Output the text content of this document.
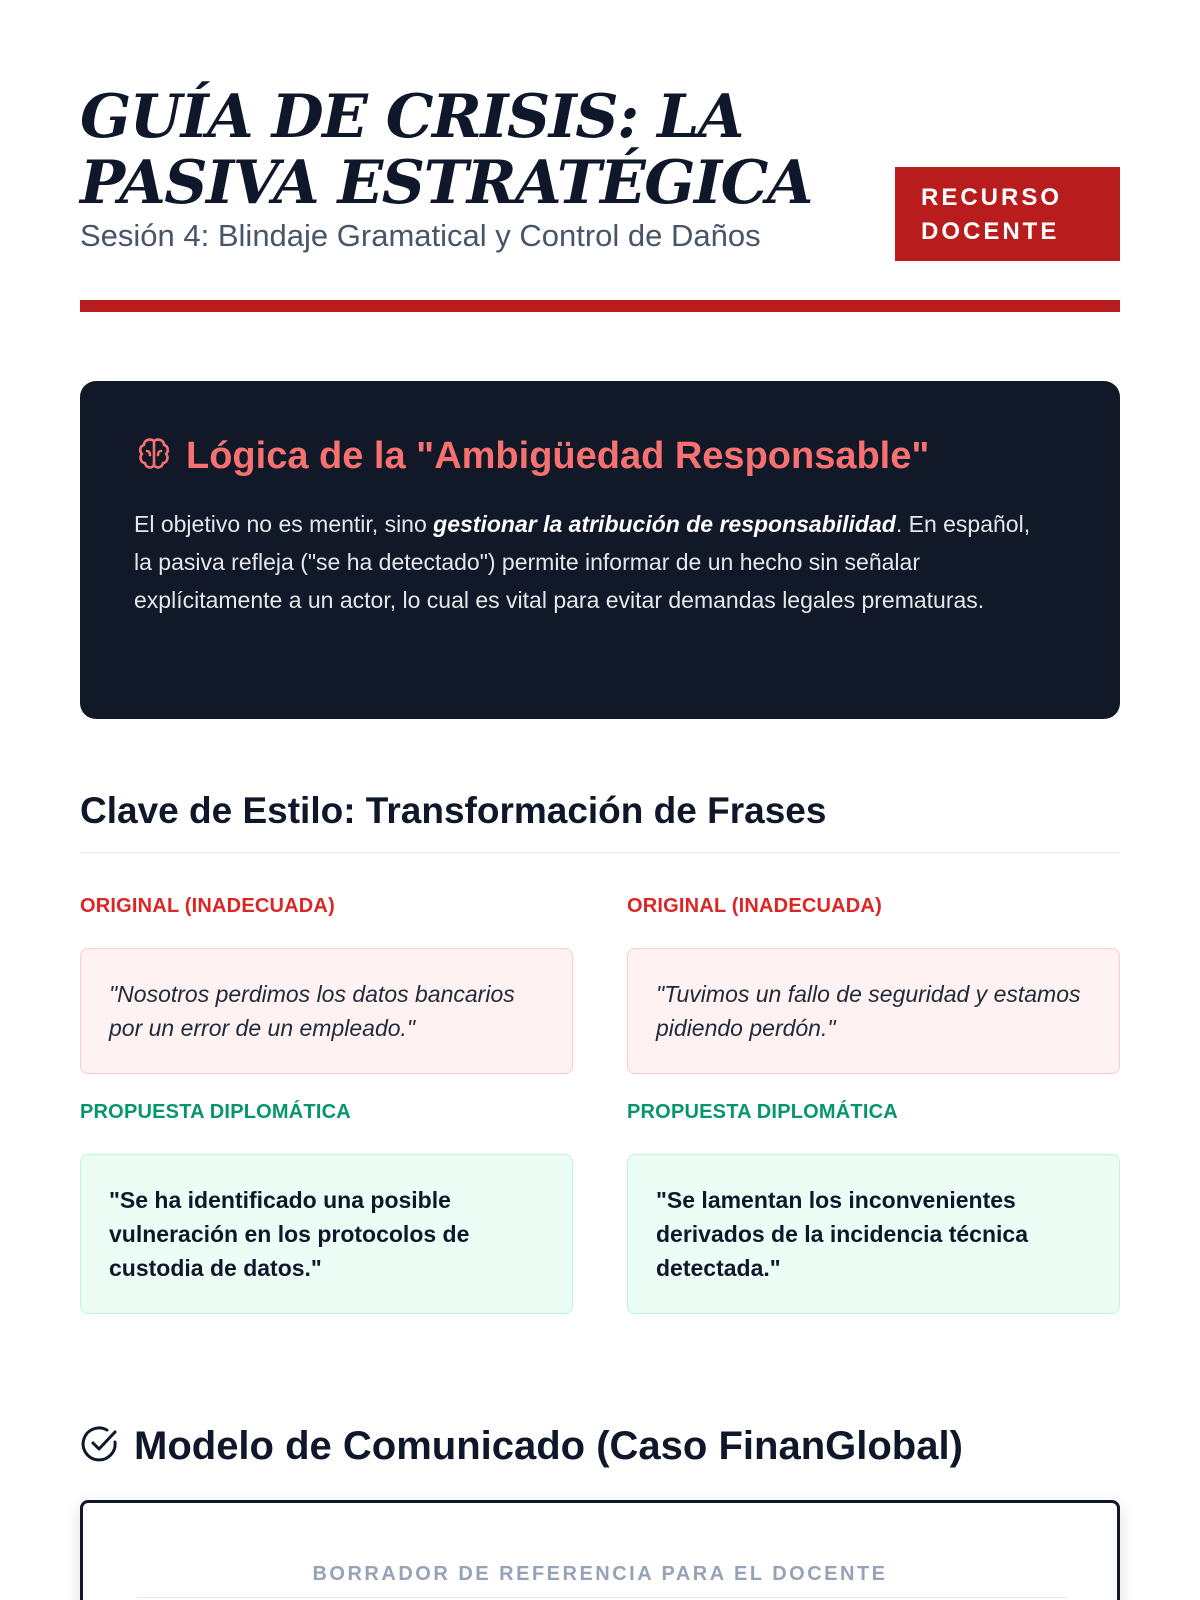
GUÍA DE CRISIS: LA PASIVA ESTRATÉGICA
Sesión 4: Blindaje Gramatical y Control de Daños
RECURSO DOCENTE
Lógica de la "Ambigüedad Responsable"

El objetivo no es mentir, sino gestionar la atribución de responsabilidad. En español, la pasiva refleja ("se ha detectado") permite informar de un hecho sin señalar explícitamente a un actor, lo cual es vital para evitar demandas legales prematuras.

Clave de Estilo: Transformación de Frases
ORIGINAL (INADECUADA)
"Nosotros perdimos los datos bancarios por un error de un empleado."
PROPUESTA DIPLOMÁTICA
"Se ha identificado una posible vulneración en los protocolos de custodia de datos."
ORIGINAL (INADECUADA)
"Tuvimos un fallo de seguridad y estamos pidiendo perdón."
PROPUESTA DIPLOMÁTICA
"Se lamentan los inconvenientes derivados de la incidencia técnica detectada."
Modelo de Comunicado (Caso FinanGlobal)
BORRADOR DE REFERENCIA PARA EL DOCENTE
